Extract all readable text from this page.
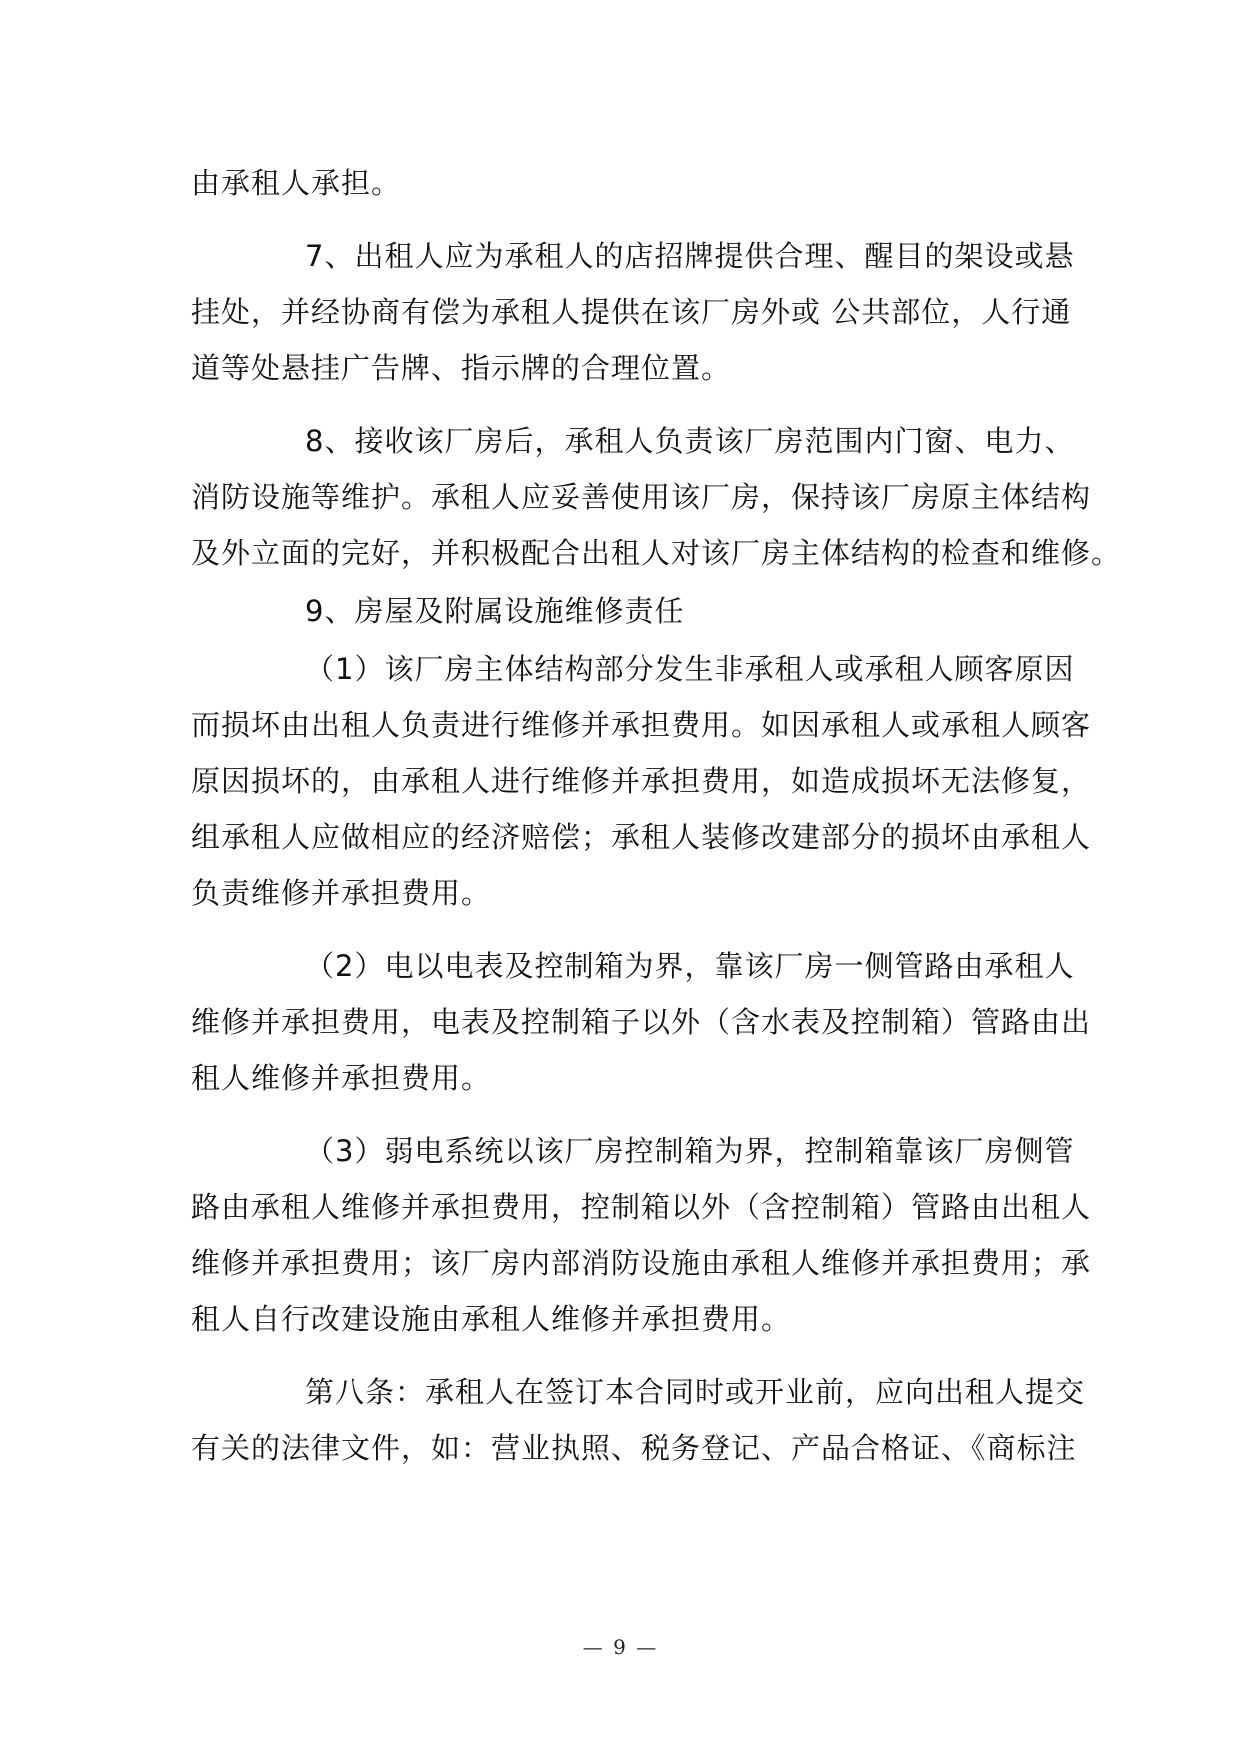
由承租人承担。
7、出租人应为承租人的店招牌提供合理、醒目的架设或悬
挂处，并经协商有偿为承租人提供在该厂房外或 公共部位，人行通
道等处悬挂广告牌、指示牌的合理位置。
8、接收该厂房后，承租人负责该厂房范围内门窗、电力、
消防设施等维护。承租人应妥善使用该厂房，保持该厂房原主体结构
及外立面的完好，并积极配合出租人对该厂房主体结构的检查和维修。
9、房屋及附属设施维修责任
（1）该厂房主体结构部分发生非承租人或承租人顾客原因
而损坏由出租人负责进行维修并承担费用。如因承租人或承租人顾客
原因损坏的，由承租人进行维修并承担费用，如造成损坏无法修复，
组承租人应做相应的经济赔偿；承租人装修改建部分的损坏由承租人
负责维修并承担费用。
（2）电以电表及控制箱为界，靠该厂房一侧管路由承租人
维修并承担费用，电表及控制箱子以外（含水表及控制箱）管路由出
租人维修并承担费用。
（3）弱电系统以该厂房控制箱为界，控制箱靠该厂房侧管
路由承租人维修并承担费用，控制箱以外（含控制箱）管路由出租人
维修并承担费用；该厂房内部消防设施由承租人维修并承担费用；承
租人自行改建设施由承租人维修并承担费用。
第八条：承租人在签订本合同时或开业前，应向出租人提交
有关的法律文件，如：营业执照、税务登记、产品合格证、《商标注
— 9 —
